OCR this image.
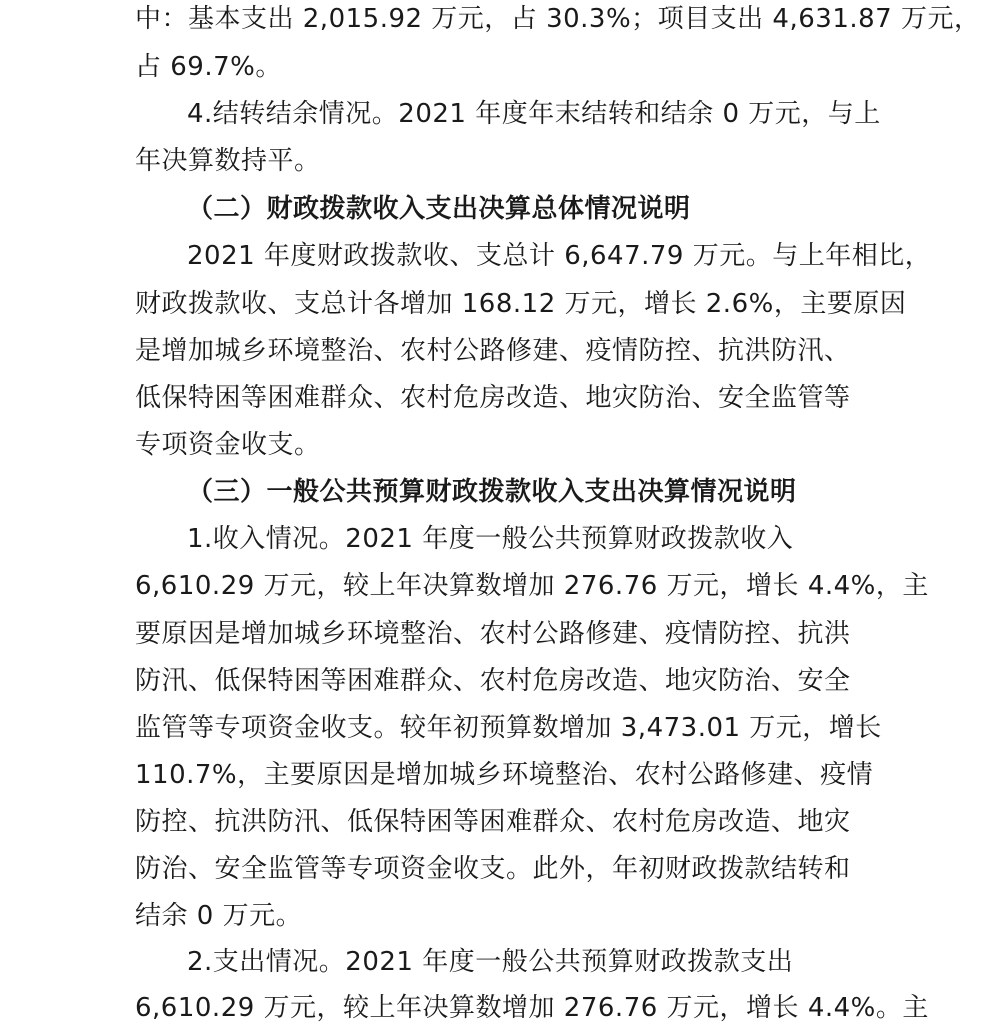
中：基本支出 2,015.92 万元，占 30.3%；项目支出 4,631.87 万元，
占 69.7%。
4.结转结余情况。2021 年度年末结转和结余 0 万元，与上
年决算数持平。
（二）财政拨款收入支出决算总体情况说明
2021 年度财政拨款收、支总计 6,647.79 万元。与上年相比，
财政拨款收、支总计各增加 168.12 万元，增长 2.6%，主要原因
是增加城乡环境整治、农村公路修建、疫情防控、抗洪防汛、
低保特困等困难群众、农村危房改造、地灾防治、安全监管等
专项资金收支。
（三）一般公共预算财政拨款收入支出决算情况说明
1.收入情况。2021 年度一般公共预算财政拨款收入
6,610.29 万元，较上年决算数增加 276.76 万元，增长 4.4%，主
要原因是增加城乡环境整治、农村公路修建、疫情防控、抗洪
防汛、低保特困等困难群众、农村危房改造、地灾防治、安全
监管等专项资金收支。较年初预算数增加 3,473.01 万元，增长
110.7%，主要原因是增加城乡环境整治、农村公路修建、疫情
防控、抗洪防汛、低保特困等困难群众、农村危房改造、地灾
防治、安全监管等专项资金收支。此外，年初财政拨款结转和
结余 0 万元。
2.支出情况。2021 年度一般公共预算财政拨款支出
6,610.29 万元，较上年决算数增加 276.76 万元，增长 4.4%。主
